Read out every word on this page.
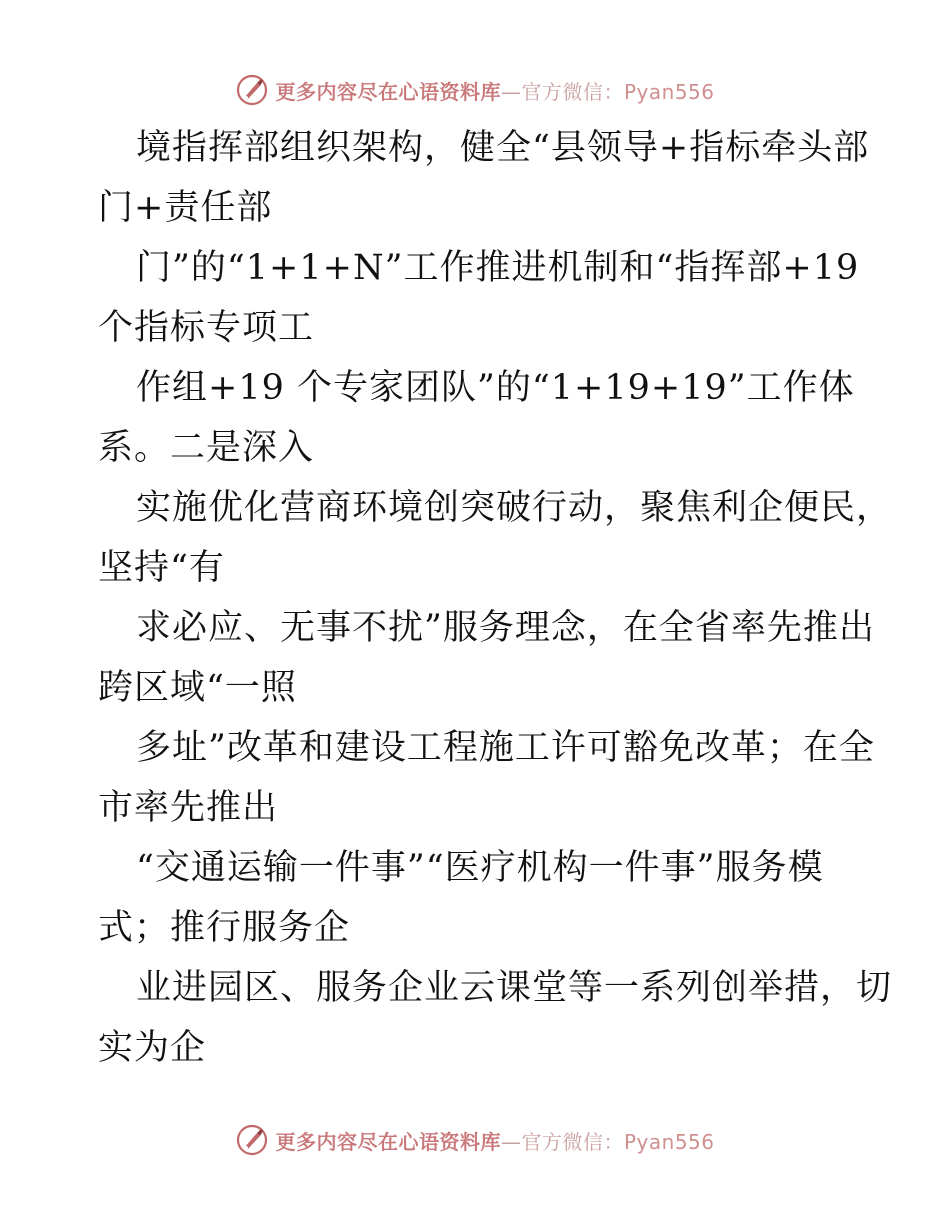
更多内容尽在心语资料库—官方微信：Pyan556
境指挥部组织架构，健全“县领导+指标牵头部
门+责任部
门”的“1+1+N”工作推进机制和“指挥部+19
个指标专项工
作组+19 个专家团队”的“1+19+19”工作体
系。二是深入
实施优化营商环境创突破行动，聚焦利企便民，
坚持“有
求必应、无事不扰”服务理念，在全省率先推出
跨区域“一照
多址”改革和建设工程施工许可豁免改革；在全
市率先推出
“交通运输一件事”“医疗机构一件事”服务模
式；推行服务企
业进园区、服务企业云课堂等一系列创举措，切
实为企
更多内容尽在心语资料库—官方微信：Pyan556
